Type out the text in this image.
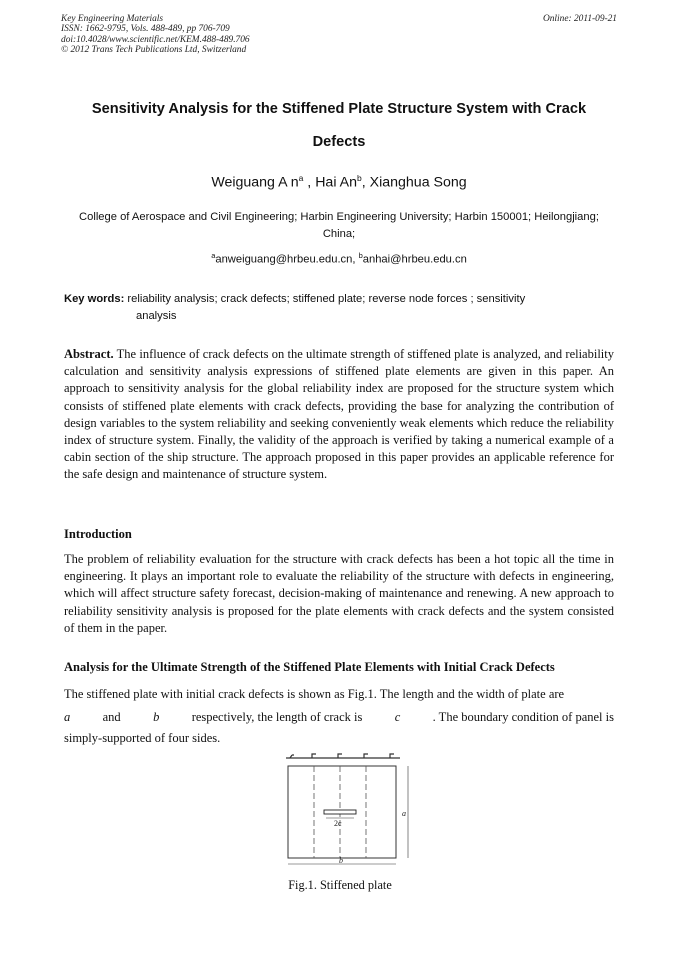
Key Engineering Materials
ISSN: 1662-9795, Vols. 488-489, pp 706-709
doi:10.4028/www.scientific.net/KEM.488-489.706
© 2012 Trans Tech Publications Ltd, Switzerland
Online: 2011-09-21
Sensitivity Analysis for the Stiffened Plate Structure System with Crack
Defects
Weiguang A $n^a$ , Hai An$^b$, Xianghua Song
College of Aerospace and Civil Engineering; Harbin Engineering University; Harbin 150001; Heilongjiang; China;
$^a$anweiguang@hrbeu.edu.cn, $^b$anhai@hrbeu.edu.cn
Key words: reliability analysis; crack defects; stiffened plate; reverse node forces ; sensitivity
analysis
Abstract. The influence of crack defects on the ultimate strength of stiffened plate is analyzed, and reliability calculation and sensitivity analysis expressions of stiffened plate elements are given in this paper. An approach to sensitivity analysis for the global reliability index are proposed for the structure system which consists of stiffened plate elements with crack defects, providing the base for analyzing the contribution of design variables to the system reliability and seeking conveniently weak elements which reduce the reliability index of structure system. Finally, the validity of the approach is verified by taking a numerical example of a cabin section of the ship structure. The approach proposed in this paper provides an applicable reference for the safe design and maintenance of structure system.
Introduction
The problem of reliability evaluation for the structure with crack defects has been a hot topic all the time in engineering. It plays an important role to evaluate the reliability of the structure with defects in engineering, which will affect structure safety forecast, decision-making of maintenance and renewing. A new approach to reliability sensitivity analysis is proposed for the plate elements with crack defects and the system consisted of them in the paper.
Analysis for the Ultimate Strength of the Stiffened Plate Elements with Initial Crack Defects
The stiffened plate with initial crack defects is shown as Fig.1. The length and the width of plate are
a	and	b	respectively, the length of crack is	c	. The boundary condition of panel is
simply-supported of four sides.
2c
a
b
Fig.1. Stiffened plate
